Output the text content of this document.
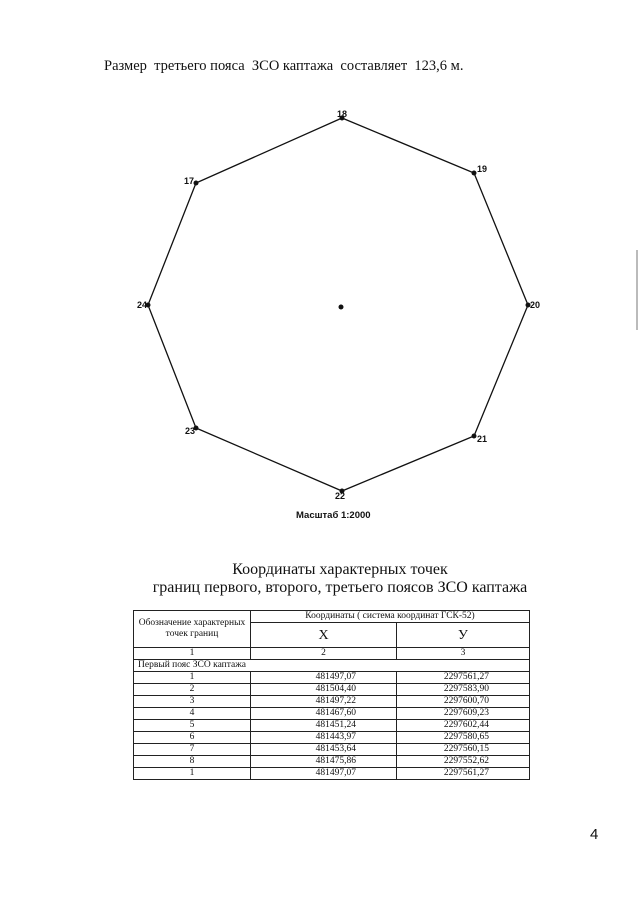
Размер  третьего пояса  ЗСО каптажа  составляет  123,6 м.
18
19
20
21
22
23
24
17
Масштаб 1:2000
Координаты характерных точек
границ первого, второго, третьего поясов ЗСО каптажа
Обозначение характерных точек границ	Координаты ( система координат ГСК-52)	
	X	У
1	2	3
Первый пояс ЗСО каптажа		
1	481497,07	2297561,27
2	481504,40	2297583,90
3	481497,22	2297600,70
4	481467,60	2297609,23
5	481451,24	2297602,44
6	481443,97	2297580,65
7	481453,64	2297560,15
8	481475,86	2297552,62
1	481497,07	2297561,27
4
